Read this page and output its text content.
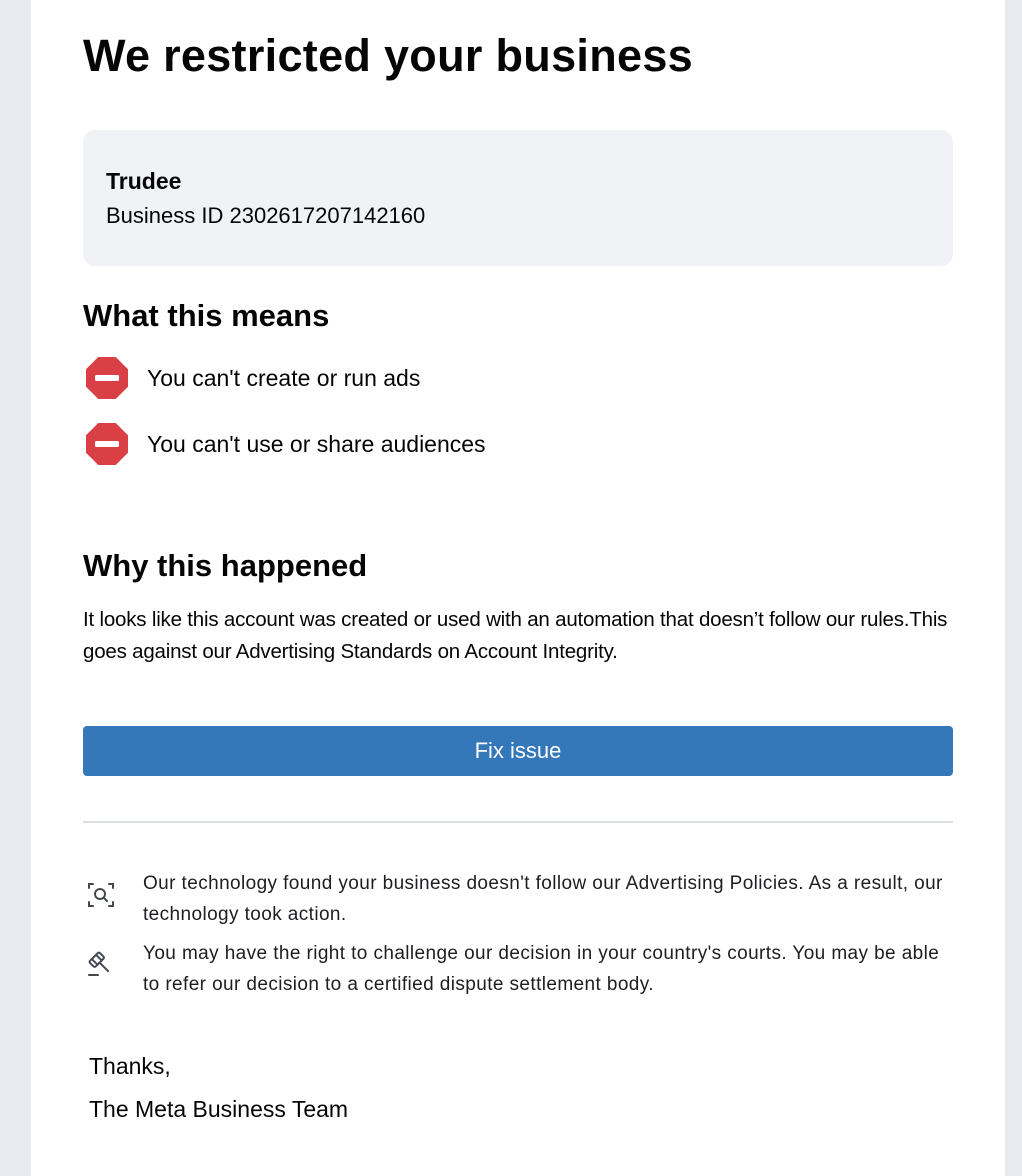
We restricted your business
Trudee
Business ID 2302617207142160
What this means
You can't create or run ads
You can't use or share audiences
Why this happened
It looks like this account was created or used with an automation that doesn’t follow our rules.This goes against our Advertising Standards on Account Integrity.
Fix issue
Our technology found your business doesn't follow our Advertising Policies. As a result, our technology took action.
You may have the right to challenge our decision in your country's courts. You may be able to refer our decision to a certified dispute settlement body.
Thanks,
The Meta Business Team
